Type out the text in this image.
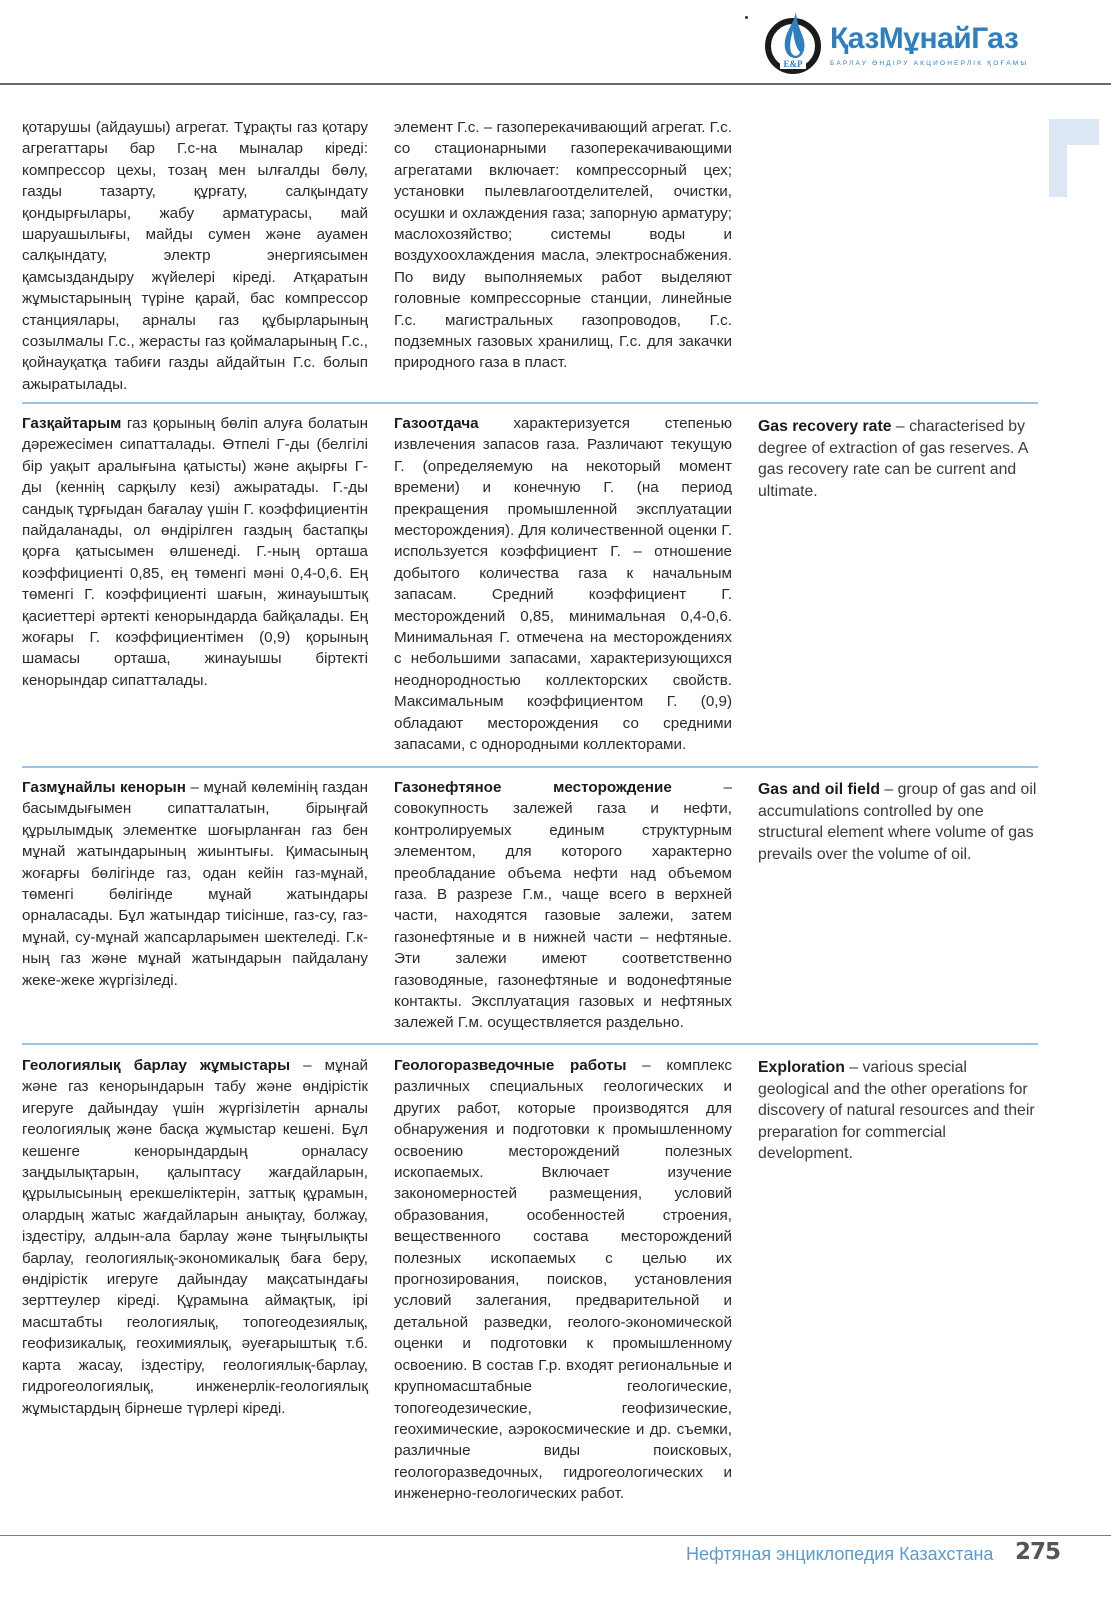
E&P
ҚазМұнайГаз
БАРЛАУ ӨНДІРУ АКЦИОНЕРЛІК ҚОҒАМЫ
қотарушы (айдаушы) агрегат. Тұрақты газ қотару агрегаттары бар Г.с-на мыналар кіреді: компрессор цехы, тозаң мен ылғалды бөлу, газды тазарту, құрғату, салқындату қондырғылары, жабу арматурасы, май шаруашылығы, майды сумен және ауамен салқындату, электр энергиясымен қамсыздандыру жүйелері кіреді. Атқаратын жұмыстарының түріне қарай, бас компрессор станциялары, арналы газ құбырларының созылмалы Г.с., жерасты газ қоймаларының Г.с., қойнауқатқа табиғи газды айдайтын Г.с. болып ажыратылады.
элемент Г.с. – газоперекачивающий агрегат. Г.с. со стационарными газоперекачивающими агрегатами включает: компрессорный цех; установки пылевлагоотделителей, очистки, осушки и охлаждения газа; запорную арматуру; маслохозяйство; системы воды и воздухоохлаждения масла, электроснабжения. По виду выполняемых работ выделяют головные компрессорные станции, линейные Г.с. магистральных газопроводов, Г.с. подземных газовых хранилищ, Г.с. для закачки природного газа в пласт.
Газқайтарым газ қорының бөліп алуға болатын дәрежесімен сипатталады. Өтпелі Г-ды (белгілі бір уақыт аралығына қатысты) және ақырғы Г-ды (кеннің сарқылу кезі) ажыратады. Г.-ды сандық тұрғыдан бағалау үшін Г. коэффициентін пайдаланады, ол өндірілген газдың бастапқы қорға қатысымен өлшенеді. Г.-ның орташа коэффициенті 0,85, ең төменгі мәні 0,4-0,6. Ең төменгі Г. коэффициенті шағын, жинауыштық қасиеттері әртекті кенорындарда байқалады. Ең жоғары Г. коэффициентімен (0,9) қорының шамасы орташа, жинауышы біртекті кенорындар сипатталады.
Газоотдача характеризуется степенью извлечения запасов газа. Различают текущую Г. (определяемую на некоторый момент времени) и конечную Г. (на период прекращения промышленной эксплуатации месторождения). Для количественной оценки Г. используется коэффициент Г. – отношение добытого количества газа к начальным запасам. Средний коэффициент Г. месторождений 0,85, минимальная 0,4-0,6. Минимальная Г. отмечена на месторождениях с небольшими запасами, характеризующихся неоднородностью коллекторских свойств. Максимальным коэффициентом Г. (0,9) обладают месторождения со средними запасами, с однородными коллекторами.
Gas recovery rate – characterised by degree of extraction of gas reserves. A gas recovery rate can be current and ultimate.
Газмұнайлы кенорын – мұнай көлемінің газдан басымдығымен сипатталатын, бірыңғай құрылымдық элементке шоғырланған газ бен мұнай жатындарының жиынтығы. Қимасының жоғарғы бөлігінде газ, одан кейін газ-мұнай, төменгі бөлігінде мұнай жатындары орналасады. Бұл жатындар тиісінше, газ-су, газ-мұнай, су-мұнай жапсарларымен шектеледі. Г.к-ның газ және мұнай жатындарын пайдалану жеке-жеке жүргізіледі.
Газонефтяное месторождение – совокупность залежей газа и нефти, контролируемых единым структурным элементом, для которого характерно преобладание объема нефти над объемом газа. В разрезе Г.м., чаще всего в верхней части, находятся газовые залежи, затем газонефтяные и в нижней части – нефтяные. Эти залежи имеют соответственно газоводяные, газонефтяные и водонефтяные контакты. Эксплуатация газовых и нефтяных залежей Г.м. осуществляется раздельно.
Gas and oil field – group of gas and oil accumulations controlled by one structural element where volume of gas prevails over the volume of oil.
Геологиялық барлау жұмыстары – мұнай және газ кенорындарын табу және өндірістік игеруге дайындау үшін жүргізілетін арналы геологиялық және басқа жұмыстар кешені. Бұл кешенге кенорындардың орналасу заңдылықтарын, қалыптасу жағдайларын, құрылысының ерекшеліктерін, заттық құрамын, олардың жатыс жағдайларын анықтау, болжау, іздестіру, алдын-ала барлау және тыңғылықты барлау, геологиялық-экономикалық баға беру, өндірістік игеруге дайындау мақсатындағы зерттеулер кіреді. Құрамына аймақтық, ірі масштабты геологиялық, топогеодезиялық, геофизикалық, геохимиялық, әуеғарыштық т.б. карта жасау, іздестіру, геологиялық-барлау, гидрогеологиялық, инженерлік-геологиялық жұмыстардың бірнеше түрлері кіреді.
Геологоразведочные работы – комплекс различных специальных геологических и других работ, которые производятся для обнаружения и подготовки к промышленному освоению месторождений полезных ископаемых. Включает изучение закономерностей размещения, условий образования, особенностей строения, вещественного состава месторождений полезных ископаемых с целью их прогнозирования, поисков, установления условий залегания, предварительной и детальной разведки, геолого-экономической оценки и подготовки к промышленному освоению. В состав Г.р. входят региональные и крупномасштабные геологические, топогеодезические, геофизические, геохимические, аэрокосмические и др. съемки, различные виды поисковых, геологоразведочных, гидрогеологических и инженерно-геологических работ.
Exploration – various special geological and the other operations for discovery of natural resources and their preparation for commercial development.
Нефтяная энциклопедия Казахстана 275
